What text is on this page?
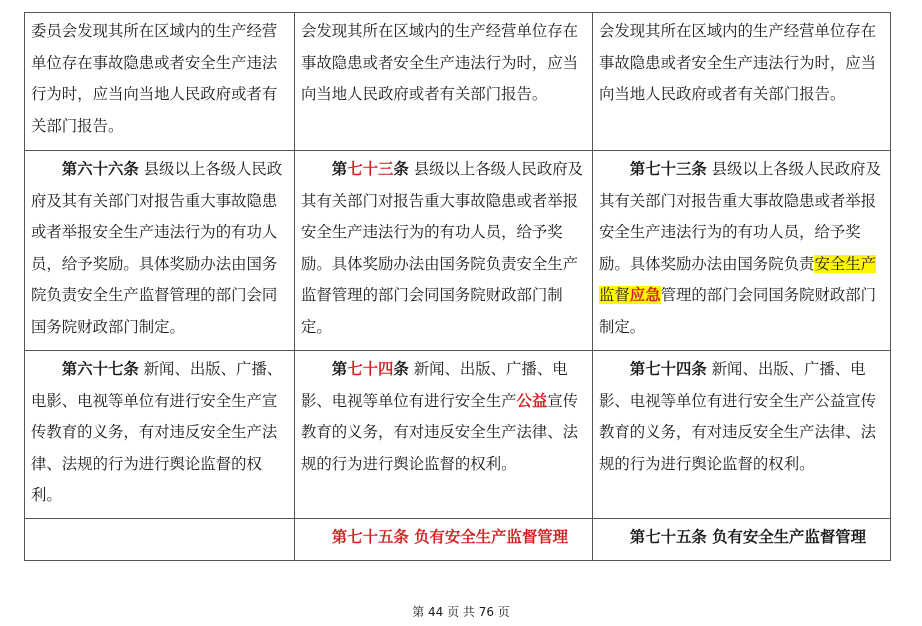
委员会发现其所在区域内的生产经营单位存在事故隐患或者安全生产违法行为时，应当向当地人民政府或者有关部门报告。
会发现其所在区域内的生产经营单位存在事故隐患或者安全生产违法行为时，应当向当地人民政府或者有关部门报告。
会发现其所在区域内的生产经营单位存在事故隐患或者安全生产违法行为时，应当向当地人民政府或者有关部门报告。
第六十六条 县级以上各级人民政府及其有关部门对报告重大事故隐患或者举报安全生产违法行为的有功人员，给予奖励。具体奖励办法由国务院负责安全生产监督管理的部门会同国务院财政部门制定。
第七十三条 县级以上各级人民政府及其有关部门对报告重大事故隐患或者举报安全生产违法行为的有功人员，给予奖励。具体奖励办法由国务院负责安全生产监督管理的部门会同国务院财政部门制定。
第七十三条 县级以上各级人民政府及其有关部门对报告重大事故隐患或者举报安全生产违法行为的有功人员，给予奖励。具体奖励办法由国务院负责安全生产监督应急管理的部门会同国务院财政部门制定。
第六十七条 新闻、出版、广播、电影、电视等单位有进行安全生产宣传教育的义务，有对违反安全生产法律、法规的行为进行舆论监督的权利。
第七十四条 新闻、出版、广播、电影、电视等单位有进行安全生产公益宣传教育的义务，有对违反安全生产法律、法规的行为进行舆论监督的权利。
第七十四条 新闻、出版、广播、电影、电视等单位有进行安全生产公益宣传教育的义务，有对违反安全生产法律、法规的行为进行舆论监督的权利。
第七十五条 负有安全生产监督管理	第七十五条 负有安全生产监督管理
第 44 页 共 76 页
